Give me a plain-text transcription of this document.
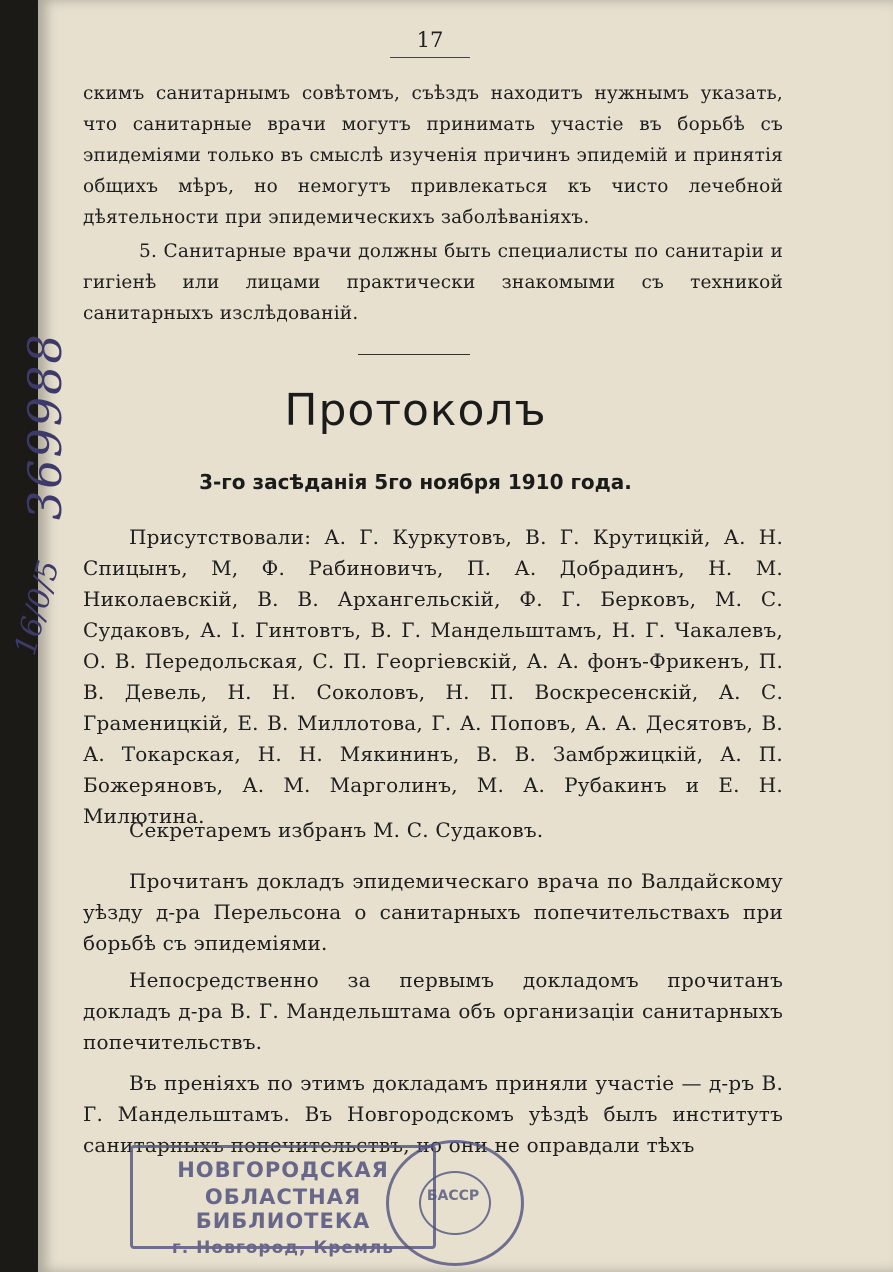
17
скимъ санитарнымъ совѣтомъ, съѣздъ находитъ нужнымъ указать, что санитарные врачи могутъ принимать участіе въ борьбѣ съ эпидеміями только въ смыслѣ изученія причинъ эпидемій и принятія общихъ мѣръ, но немогутъ привлекаться къ чисто лечебной дѣятельности при эпидемическихъ заболѣваніяхъ.
5. Санитарные врачи должны быть специалисты по санитаріи и гигіенѣ или лицами практически знакомыми съ техникой санитарныхъ изслѣдованій.
Протоколъ
3-го засѣданія 5го ноября 1910 года.
Присутствовали: А. Г. Куркутовъ, В. Г. Крутицкій, А. Н. Спицынъ, М, Ф. Рабиновичъ, П. А. Добрадинъ, Н. М. Николаевскій, В. В. Архангельскій, Ф. Г. Берковъ, М. С. Судаковъ, А. І. Гинтовтъ, В. Г. Мандельштамъ, Н. Г. Чакалевъ, О. В. Передольская, С. П. Георгіевскій, А. А. фонъ-Фрикенъ, П. В. Девель, Н. Н. Соколовъ, Н. П. Воскресенскій, А. С. Граменицкій, Е. В. Миллотова, Г. А. Поповъ, А. А. Десятовъ, В. А. Токарская, Н. Н. Мякининъ, В. В. Замбржицкій, А. П. Божеряновъ, А. М. Марголинъ, М. А. Рубакинъ и Е. Н. Милютина.
Секретаремъ избранъ М. С. Судаковъ.
Прочитанъ докладъ эпидемическаго врача по Валдайскому уѣзду д-ра Перельсона о санитарныхъ попечительствахъ при борьбѣ съ эпидеміями.
Непосредственно за первымъ докладомъ прочитанъ докладъ д-ра В. Г. Мандельштама объ организаціи санитарныхъ попечительствъ.
Въ преніяхъ по этимъ докладамъ приняли участіе — д-ръ В. Г. Мандельштамъ. Въ Новгородскомъ уѣздѣ былъ институтъ санитарныхъ попечительствъ, но они не оправдали тѣхъ
НОВГОРОДСКАЯ
ОБЛАСТНАЯ БИБЛИОТЕКА
г. Новгород, Кремль
БАССР
369988
16/0/5
